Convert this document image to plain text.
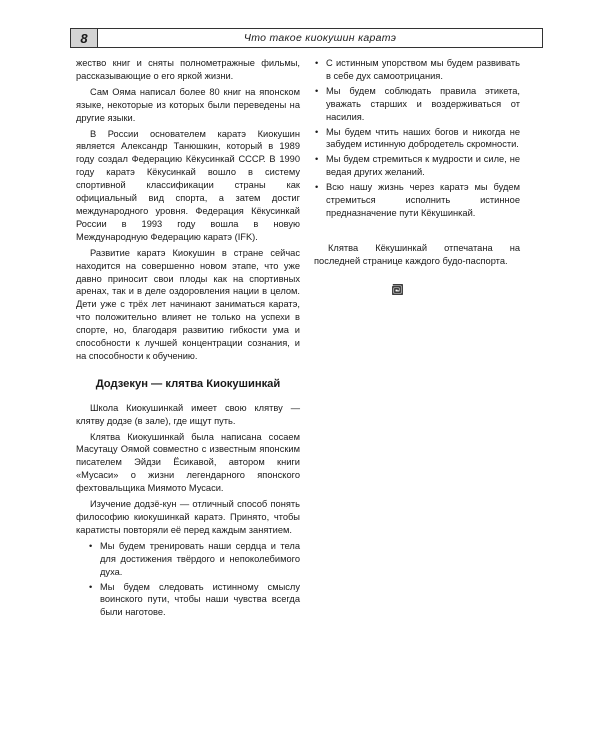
8	Что такое киокушин каратэ

жество книг и сняты полнометражные фильмы, рассказывающие о его яркой жизни.

Сам Ояма написал более 80 книг на японском языке, некоторые из которых были переведены на другие языки.

В России основателем каратэ Киокушин является Александр Танюшкин, который в 1989 году создал Федерацию Кёкусинкай СССР. В 1990 году каратэ Кёкусинкай вошло в систему спортивной классификации страны как официальный вид спорта, а затем достиг международного уровня. Федерация Кёкусинкай России в 1993 году вошла в новую Международную Федерацию каратэ (IFK).

Развитие каратэ Киокушин в стране сейчас находится на совершенно новом этапе, что уже давно приносит свои плоды как на спортивных аренах, так и в деле оздоровления нации в целом. Дети уже с трёх лет начинают заниматься каратэ, что положительно влияет не только на успехи в спорте, но, благодаря развитию гибкости ума и способности к лучшей концентрации сознания, и на способности к обучению.

Додзекун — клятва Киокушинкай

Школа Киокушинкай имеет свою клятву — клятву додзе (в зале), где ищут путь.

Клятва Киокушинкай была написана сосаем Масутацу Оямой совместно с известным японским писателем Эйдзи Ёсикавой, автором книги «Мусаси» о жизни легендарного японского фехтовальщика Миямото Мусаси.

Изучение додзё-кун — отличный способ понять философию киокушинкай каратэ. Принято, чтобы каратисты повторяли её перед каждым занятием.

• Мы будем тренировать наши сердца и тела для достижения твёрдого и непоколебимого духа.
• Мы будем следовать истинному смыслу воинского пути, чтобы наши чувства всегда были наготове.
• С истинным упорством мы будем развивать в себе дух самоотрицания.
• Мы будем соблюдать правила этикета, уважать старших и воздерживаться от насилия.
• Мы будем чтить наших богов и никогда не забудем истинную добродетель скромности.
• Мы будем стремиться к мудрости и силе, не ведая других желаний.
• Всю нашу жизнь через каратэ мы будем стремиться исполнить истинное предназначение пути Кёкушинкай.

Клятва Кёкушинкай отпечатана на последней странице каждого будо-паспорта.
